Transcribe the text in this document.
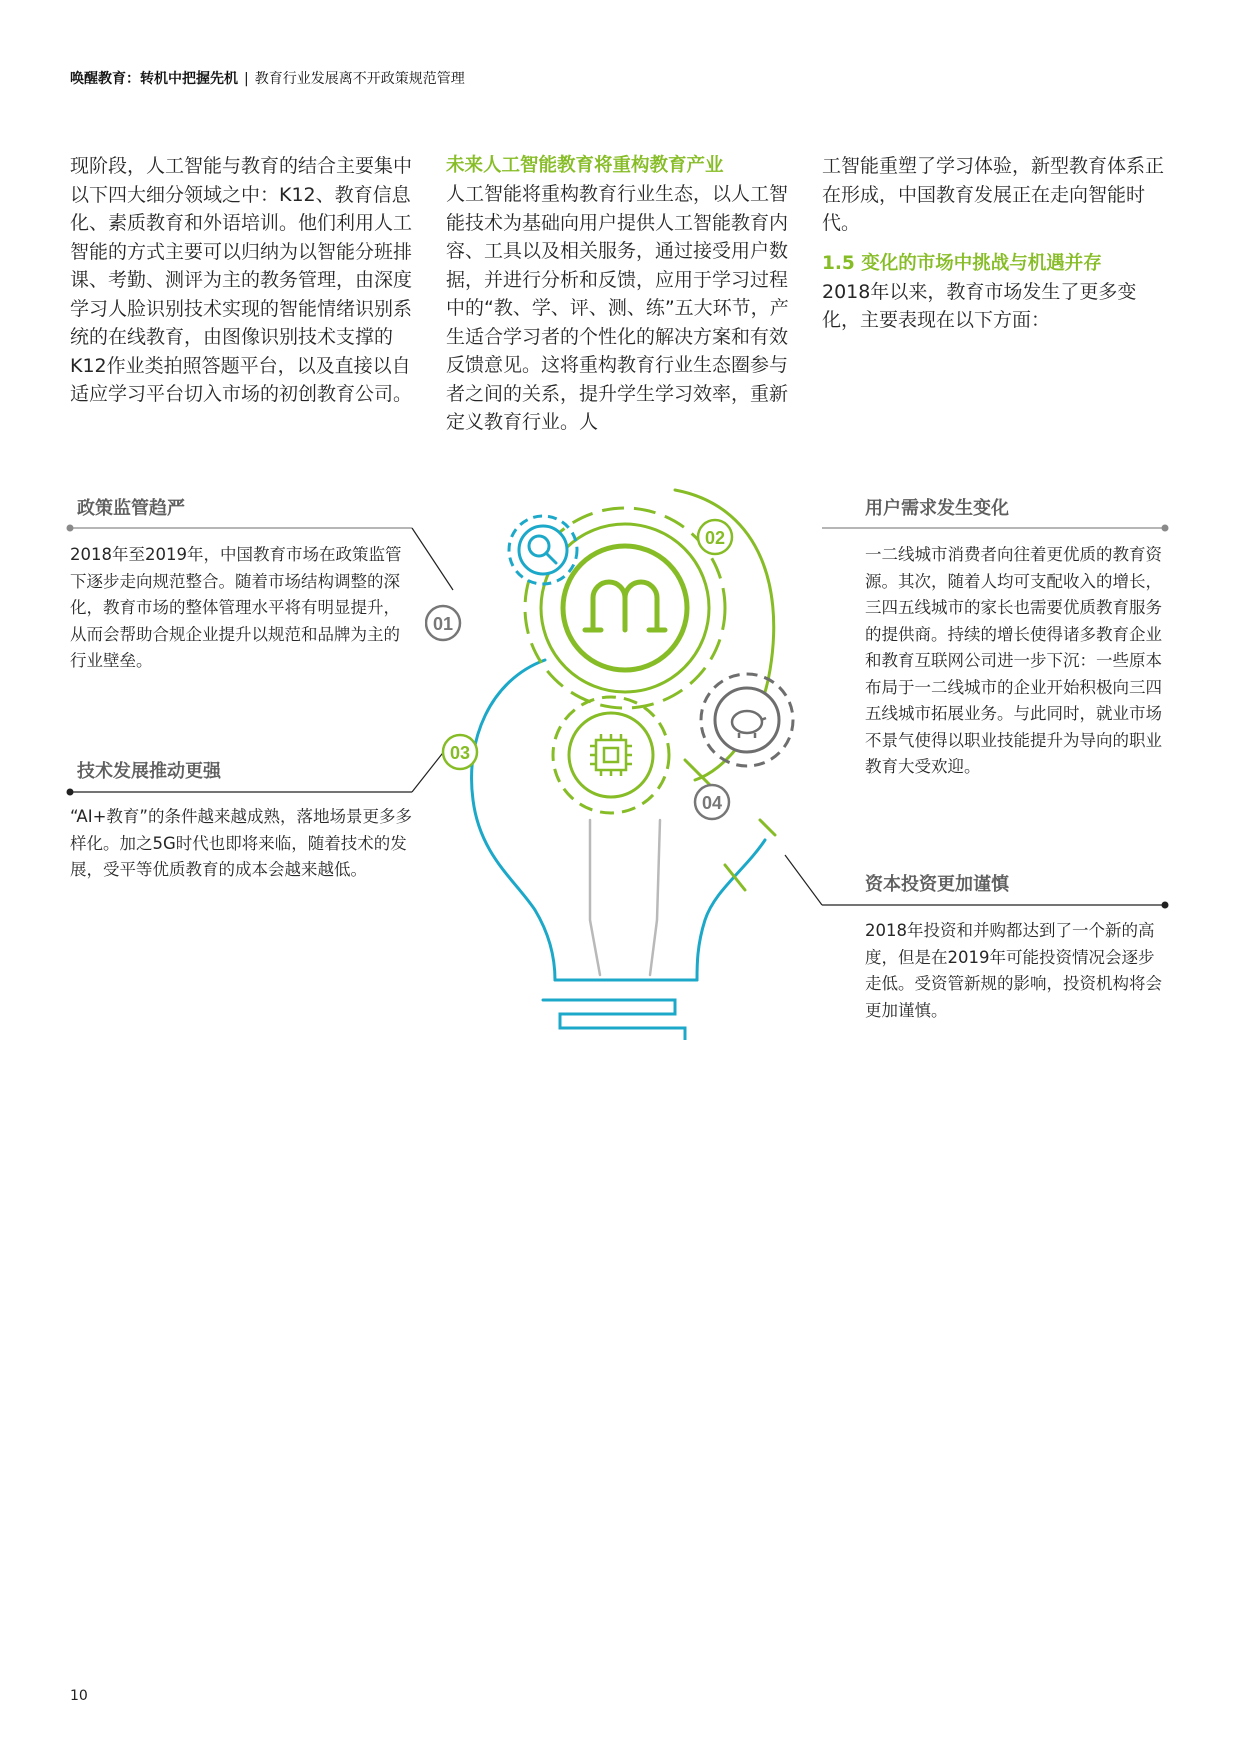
唤醒教育：转机中把握先机 | 教育行业发展离不开政策规范管理

现阶段，人工智能与教育的结合主要集中以下四大细分领域之中：K12、教育信息化、素质教育和外语培训。他们利用人工智能的方式主要可以归纳为以智能分班排课、考勤、测评为主的教务管理，由深度学习人脸识别技术实现的智能情绪识别系统的在线教育，由图像识别技术支撑的K12作业类拍照答题平台，以及直接以自适应学习平台切入市场的初创教育公司。

未来人工智能教育将重构教育产业

人工智能将重构教育行业生态，以人工智能技术为基础向用户提供人工智能教育内容、工具以及相关服务，通过接受用户数据，并进行分析和反馈，应用于学习过程中的“教、学、评、测、练”五大环节，产生适合学习者的个性化的解决方案和有效反馈意见。这将重构教育行业生态圈参与者之间的关系，提升学生学习效率，重新定义教育行业。人

工智能重塑了学习体验，新型教育体系正在形成，中国教育发展正在走向智能时代。

1.5 变化的市场中挑战与机遇并存

2018年以来，教育市场发生了更多变化，主要表现在以下方面：

政策监管趋严

2018年至2019年，中国教育市场在政策监管下逐步走向规范整合。随着市场结构调整的深化，教育市场的整体管理水平将有明显提升，从而会帮助合规企业提升以规范和品牌为主的行业壁垒。

用户需求发生变化

一二线城市消费者向往着更优质的教育资源。其次，随着人均可支配收入的增长，三四五线城市的家长也需要优质教育服务的提供商。持续的增长使得诸多教育企业和教育互联网公司进一步下沉：一些原本布局于一二线城市的企业开始积极向三四五线城市拓展业务。与此同时，就业市场不景气使得以职业技能提升为导向的职业教育大受欢迎。

技术发展推动更强

“AI+教育”的条件越来越成熟，落地场景更多多样化。加之5G时代也即将来临，随着技术的发展，受平等优质教育的成本会越来越低。

资本投资更加谨慎

2018年投资和并购都达到了一个新的高度，但是在2019年可能投资情况会逐步走低。受资管新规的影响，投资机构将会更加谨慎。

01
02
03
04
10
